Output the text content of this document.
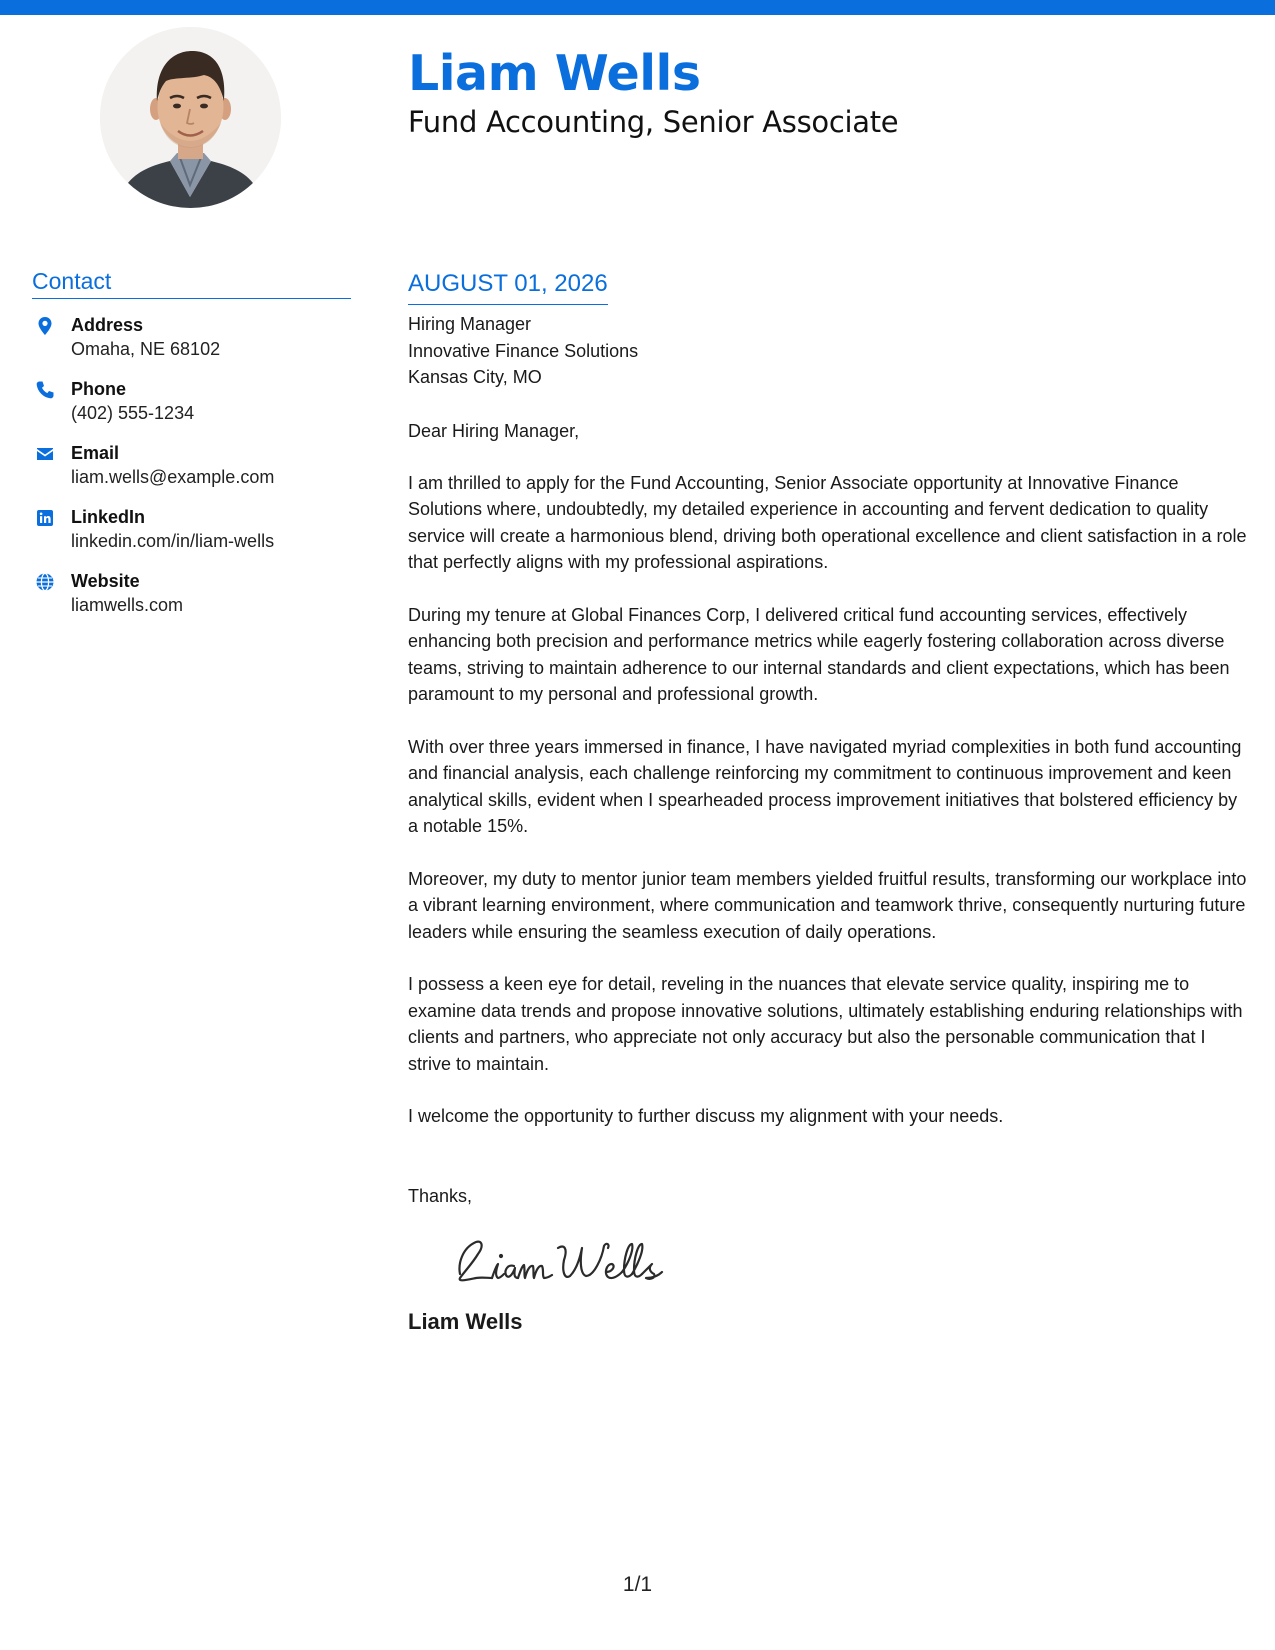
Liam Wells
Fund Accounting, Senior Associate
Contact
Address
Omaha, NE 68102
Phone
(402) 555-1234
Email
liam.wells@example.com
LinkedIn
linkedin.com/in/liam-wells
Website
liamwells.com
AUGUST 01, 2026
Hiring Manager
Innovative Finance Solutions
Kansas City, MO
Dear Hiring Manager,

I am thrilled to apply for the Fund Accounting, Senior Associate opportunity at Innovative Finance Solutions where, undoubtedly, my detailed experience in accounting and fervent dedication to quality service will create a harmonious blend, driving both operational excellence and client satisfaction in a role that perfectly aligns with my professional aspirations.

During my tenure at Global Finances Corp, I delivered critical fund accounting services, effectively enhancing both precision and performance metrics while eagerly fostering collaboration across diverse teams, striving to maintain adherence to our internal standards and client expectations, which has been paramount to my personal and professional growth.

With over three years immersed in finance, I have navigated myriad complexities in both fund accounting and financial analysis, each challenge reinforcing my commitment to continuous improvement and keen analytical skills, evident when I spearheaded process improvement initiatives that bolstered efficiency by a notable 15%.

Moreover, my duty to mentor junior team members yielded fruitful results, transforming our workplace into a vibrant learning environment, where communication and teamwork thrive, consequently nurturing future leaders while ensuring the seamless execution of daily operations.

I possess a keen eye for detail, reveling in the nuances that elevate service quality, inspiring me to examine data trends and propose innovative solutions, ultimately establishing enduring relationships with clients and partners, who appreciate not only accuracy but also the personable communication that I strive to maintain.

I welcome the opportunity to further discuss my alignment with your needs.

Thanks,
Liam Wells
1/1
